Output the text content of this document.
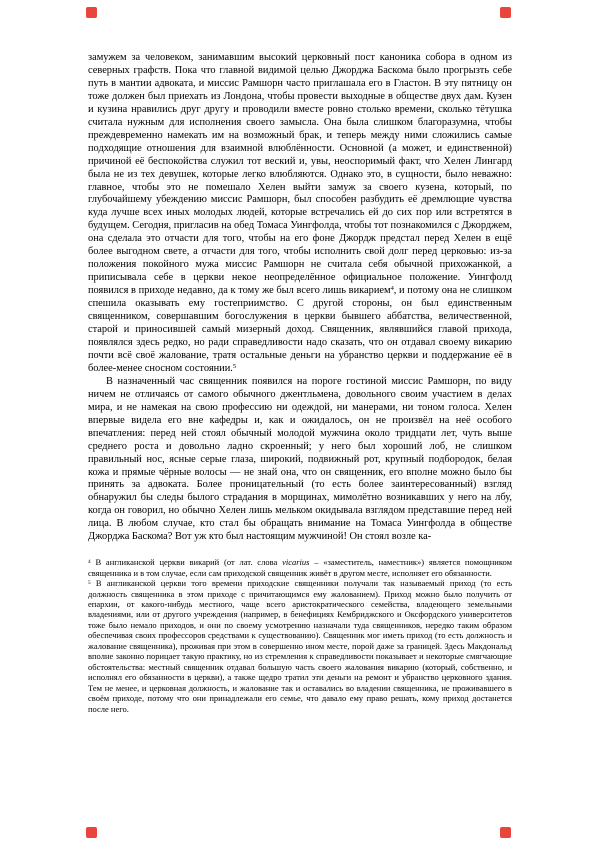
замужем за человеком, занимавшим высокий церковный пост каноника собора в одном из северных графств. Пока что главной видимой целью Джорджа Баскома было прогрызть себе путь в мантии адвоката, и миссис Рамшорн часто приглашала его в Гластон. В эту пятницу он тоже должен был приехать из Лондона, чтобы провести выходные в обществе двух дам. Кузен и кузина нравились друг другу и проводили вместе ровно столько времени, сколько тётушка считала нужным для исполнения своего замысла. Она была слишком благоразумна, чтобы преждевременно намекать им на возможный брак, и теперь между ними сложились самые подходящие отношения для взаимной влюблённости. Основной (а может, и единственной) причиной её беспокойства служил тот веский и, увы, неоспоримый факт, что Хелен Лингард была не из тех девушек, которые легко влюбляются. Однако это, в сущности, было неважно: главное, чтобы это не помешало Хелен выйти замуж за своего кузена, который, по глубочайшему убеждению миссис Рамшорн, был способен разбудить её дремлющие чувства куда лучше всех иных молодых людей, которые встречались ей до сих пор или встретятся в будущем. Сегодня, пригласив на обед Томаса Уингфолда, чтобы тот познакомился с Джорджем, она сделала это отчасти для того, чтобы на его фоне Джордж предстал перед Хелен в ещё более выгодном свете, а отчасти для того, чтобы исполнить свой долг перед церковью: из-за положения покойного мужа миссис Рамшорн не считала себя обычной прихожанкой, а приписывала себе в церкви некое неопределённое официальное положение. Уингфолд появился в приходе недавно, да к тому же был всего лишь викарием$^4$, и потому она не слишком спешила оказывать ему гостеприимство. С другой стороны, он был единственным священником, совершавшим богослужения в церкви бывшего аббатства, величественной, старой и приносившей самый мизерный доход. Священник, являвшийся главой прихода, появлялся здесь редко, но ради справедливости надо сказать, что он отдавал своему викарию почти всё своё жалование, тратя остальные деньги на убранство церкви и поддержание её в более-менее сносном состоянии.$^5$

В назначенный час священник появился на пороге гостиной миссис Рамшорн, по виду ничем не отличаясь от самого обычного джентльмена, довольного своим участием в делах мира, и не намекая на свою профессию ни одеждой, ни манерами, ни тоном голоса. Хелен впервые видела его вне кафедры и, как и ожидалось, он не произвёл на неё особого впечатления: перед ней стоял обычный молодой мужчина около тридцати лет, чуть выше среднего роста и довольно ладно скроенный; у него был хороший лоб, не слишком правильный нос, ясные серые глаза, широкий, подвижный рот, крупный подбородок, белая кожа и прямые чёрные волосы — не знай она, что он священник, его вполне можно было бы принять за адвоката. Более проницательный (то есть более заинтересованный) взгляд обнаружил бы следы былого страдания в морщинах, мимолётно возникавших у него на лбу, когда он говорил, но обычно Хелен лишь мельком окидывала взглядом представшие перед ней лица. В любом случае, кто стал бы обращать внимание на Томаса Уингфолда в обществе Джорджа Баскома? Вот уж кто был настоящим мужчиной! Он стоял возле ка-

$^4$ В англиканской церкви викарий (от лат. слова vicarius – «заместитель, наместник») является помощником священника и в том случае, если сам приходской священник живёт в другом месте, исполняет его обязанности.

$^5$ В англиканской церкви того времени приходские священники получали так называемый приход (то есть должность священника в этом приходе с причитающимся ему жалованием). Приход можно было получить от епархии, от какого-нибудь местного, чаще всего аристократического семейства, владеющего земельными владениями, или от другого учреждения (например, в бенефициях Кембриджского и Оксфордского университетов тоже было немало приходов, и они по своему усмотрению назначали туда священников, нередко таким образом обеспечивая своих профессоров средствами к существованию). Священник мог иметь приход (то есть должность и жалование священника), проживая при этом в совершенно ином месте, порой даже за границей. Здесь Макдональд вполне законно порицает такую практику, но из стремления к справедливости показывает и некоторые смягчающие обстоятельства: местный священник отдавал большую часть своего жалования викарию (который, собственно, и исполнял его обязанности в церкви), а также щедро тратил эти деньги на ремонт и убранство церковного здания. Тем не менее, и церковная должность, и жалование так и оставались во владении священника, не проживавшего в своём приходе, потому что они принадлежали его семье, что давало ему право решать, кому приход достанется после него.
